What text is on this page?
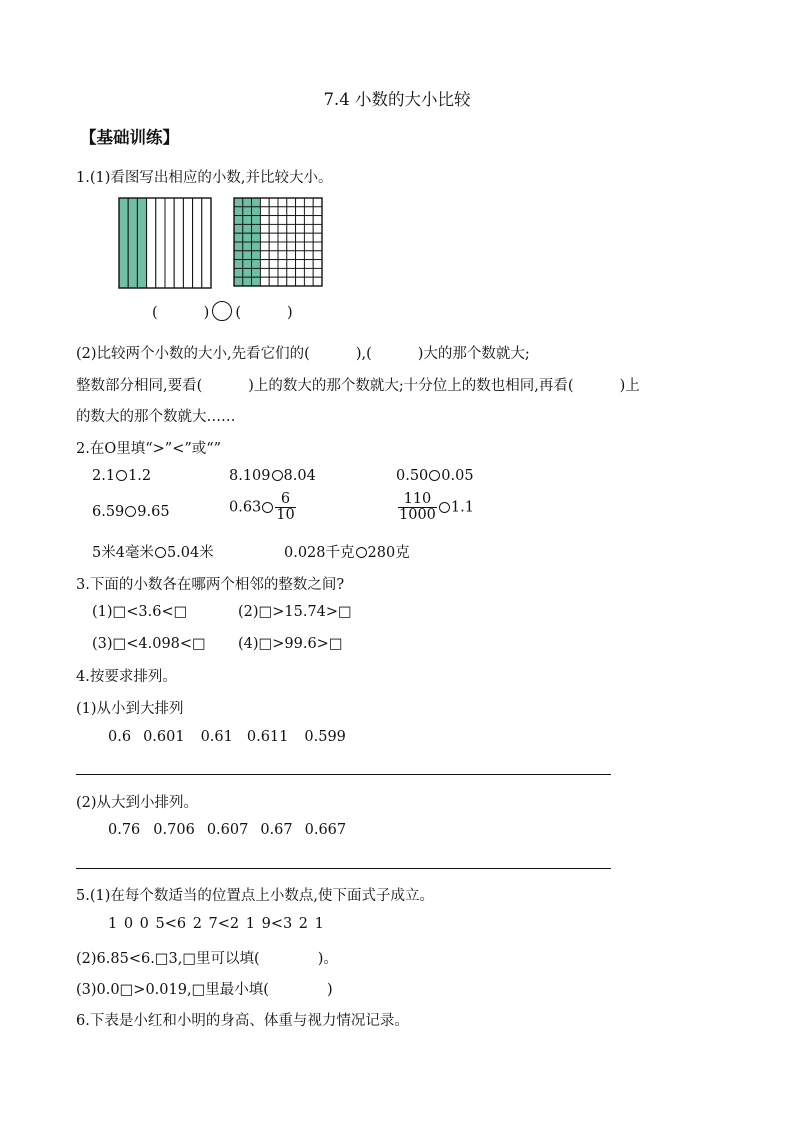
7.4 小数的大小比较
【基础训练】
1.(1)看图写出相应的小数,并比较大小。
(	) (	)
(2)比较两个小数的大小,先看它们的(	),(	)大的那个数就大;
整数部分相同,要看(	)上的数大的那个数就大;十分位上的数也相同,再看(	)上
的数大的那个数就大……
2.在O里填“>”<”或“”
2.1 1.2	8.109 8.04	0.50 0.05
6.59 9.65	$0.63 \frac{6}{10}$	$\frac{110}{1000} 1.1$
5米4毫米 5.04米	0.028千克 280克
3.下面的小数各在哪两个相邻的整数之间?
(1)□<3.6<□	(2)□>15.74>□
(3)□<4.098<□ (4)□>99.6>□
4.按要求排列。
(1)从小到大排列
0.6 0.601 0.61 0.611 0.599
(2)从大到小排列。
0.76 0.706 0.607 0.67 0.667
5.(1)在每个数适当的位置点上小数点,使下面式子成立。
1 0 0 5<6 2 7<2 1 9<3 2 1
(2)6.85<6.□3,□里可以填(	)。
(3)0.0□>0.019,□里最小填(	)
6.下表是小红和小明的身高、体重与视力情况记录。
